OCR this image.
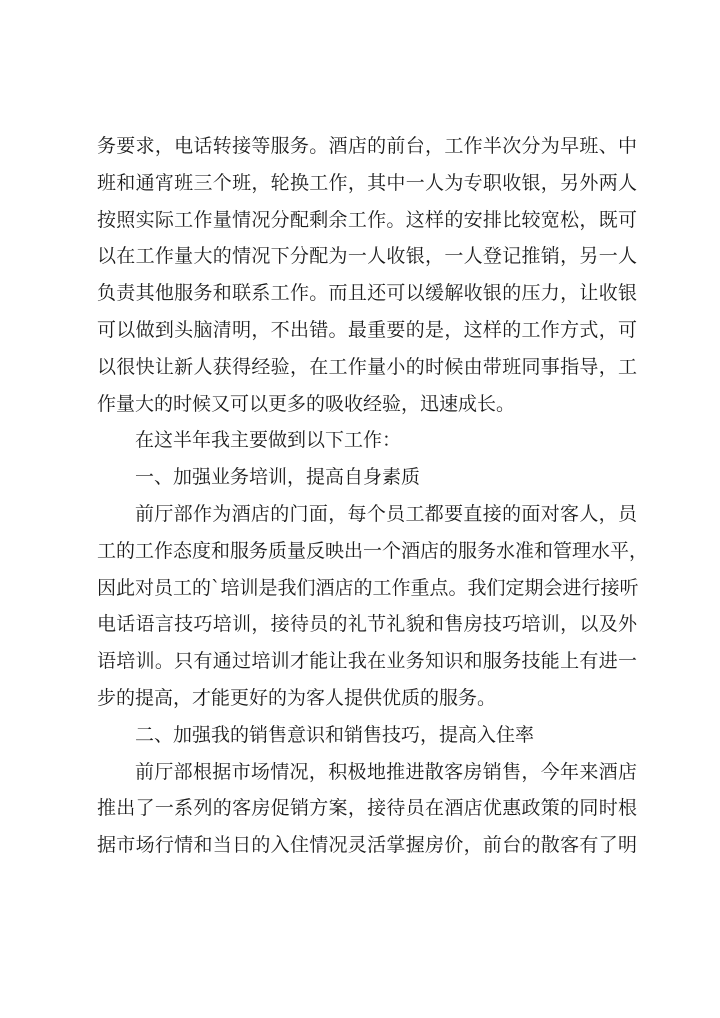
务要求，电话转接等服务。酒店的前台，工作半次分为早班、中
班和通宵班三个班，轮换工作，其中一人为专职收银，另外两人
按照实际工作量情况分配剩余工作。这样的安排比较宽松，既可
以在工作量大的情况下分配为一人收银，一人登记推销，另一人
负责其他服务和联系工作。而且还可以缓解收银的压力，让收银
可以做到头脑清明，不出错。最重要的是，这样的工作方式，可
以很快让新人获得经验，在工作量小的时候由带班同事指导，工
作量大的时候又可以更多的吸收经验，迅速成长。

在这半年我主要做到以下工作：

一、加强业务培训，提高自身素质

前厅部作为酒店的门面，每个员工都要直接的面对客人，员
工的工作态度和服务质量反映出一个酒店的服务水准和管理水平，
因此对员工的`培训是我们酒店的工作重点。我们定期会进行接听
电话语言技巧培训，接待员的礼节礼貌和售房技巧培训，以及外
语培训。只有通过培训才能让我在业务知识和服务技能上有进一
步的提高，才能更好的为客人提供优质的服务。

二、加强我的销售意识和销售技巧，提高入住率

前厅部根据市场情况，积极地推进散客房销售，今年来酒店
推出了一系列的客房促销方案，接待员在酒店优惠政策的同时根
据市场行情和当日的入住情况灵活掌握房价，前台的散客有了明
